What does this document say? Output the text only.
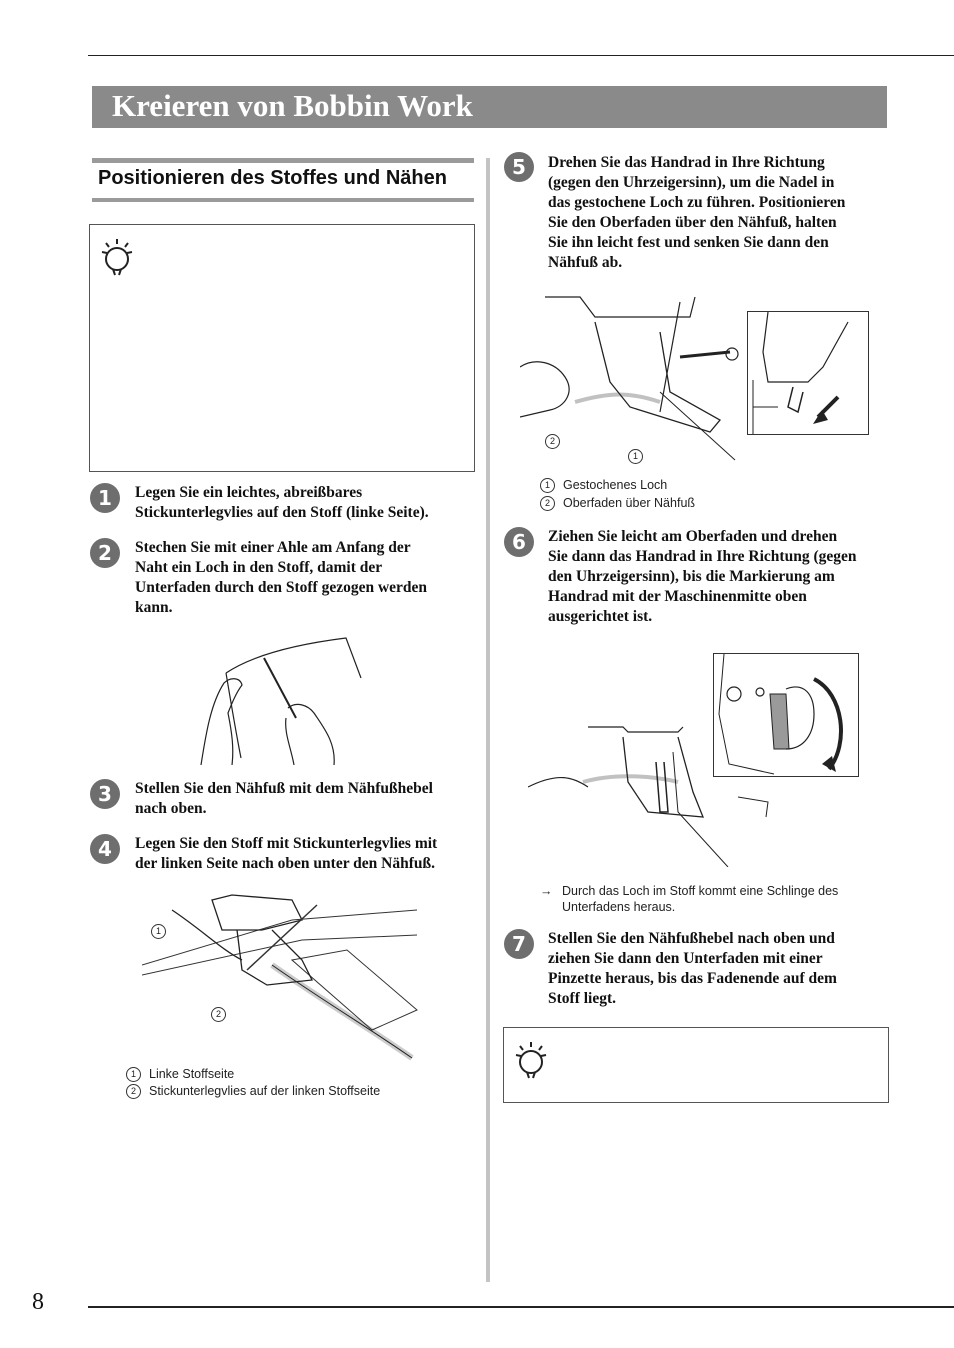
Kreieren von Bobbin Work
Positionieren des Stoffes und Nähen
1	Legen Sie ein leichtes, abreißbares
Stickunterlegvlies auf den Stoff (linke Seite).
2	Stechen Sie mit einer Ahle am Anfang der
Naht ein Loch in den Stoff, damit der
Unterfaden durch den Stoff gezogen werden
kann.
3	Stellen Sie den Nähfuß mit dem Nähfußhebel
nach oben.
4	Legen Sie den Stoff mit Stickunterlegvlies mit
der linken Seite nach oben unter den Nähfuß.
1
2
1 Linke Stoffseite
2 Stickunterlegvlies auf der linken Stoffseite
5	Drehen Sie das Handrad in Ihre Richtung
(gegen den Uhrzeigersinn), um die Nadel in
das gestochene Loch zu führen. Positionieren
Sie den Oberfaden über den Nähfuß, halten
Sie ihn leicht fest und senken Sie dann den
Nähfuß ab.
2
1
1 Gestochenes Loch
2 Oberfaden über Nähfuß
6	Ziehen Sie leicht am Oberfaden und drehen
Sie dann das Handrad in Ihre Richtung (gegen
den Uhrzeigersinn), bis die Markierung am
Handrad mit der Maschinenmitte oben
ausgerichtet ist.
→ Durch das Loch im Stoff kommt eine Schlinge des
Unterfadens heraus.
7	Stellen Sie den Nähfußhebel nach oben und
ziehen Sie dann den Unterfaden mit einer
Pinzette heraus, bis das Fadenende auf dem
Stoff liegt.
8
